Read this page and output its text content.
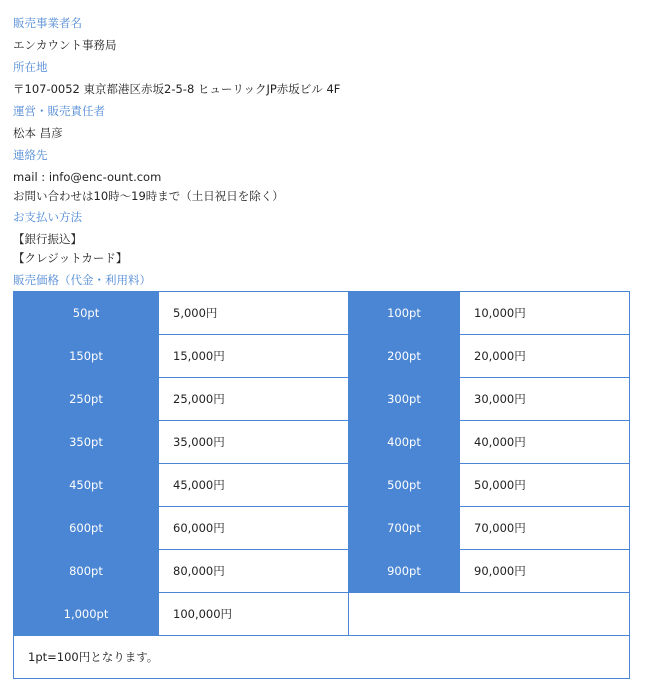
販売事業者名
エンカウント事務局
所在地
〒107-0052 東京都港区赤坂2-5-8 ヒューリックJP赤坂ビル 4F
運営・販売責任者
松本 昌彦
連絡先
mail : info@enc-ount.com
お問い合わせは10時〜19時まで（土日祝日を除く）
お支払い方法
【銀行振込】
【クレジットカード】
販売価格（代金・利用料）
50pt	5,000円	100pt	10,000円
150pt	15,000円	200pt	20,000円
250pt	25,000円	300pt	30,000円
350pt	35,000円	400pt	40,000円
450pt	45,000円	500pt	50,000円
600pt	60,000円	700pt	70,000円
800pt	80,000円	900pt	90,000円
1,000pt	100,000円		
1pt=100円となります。			
